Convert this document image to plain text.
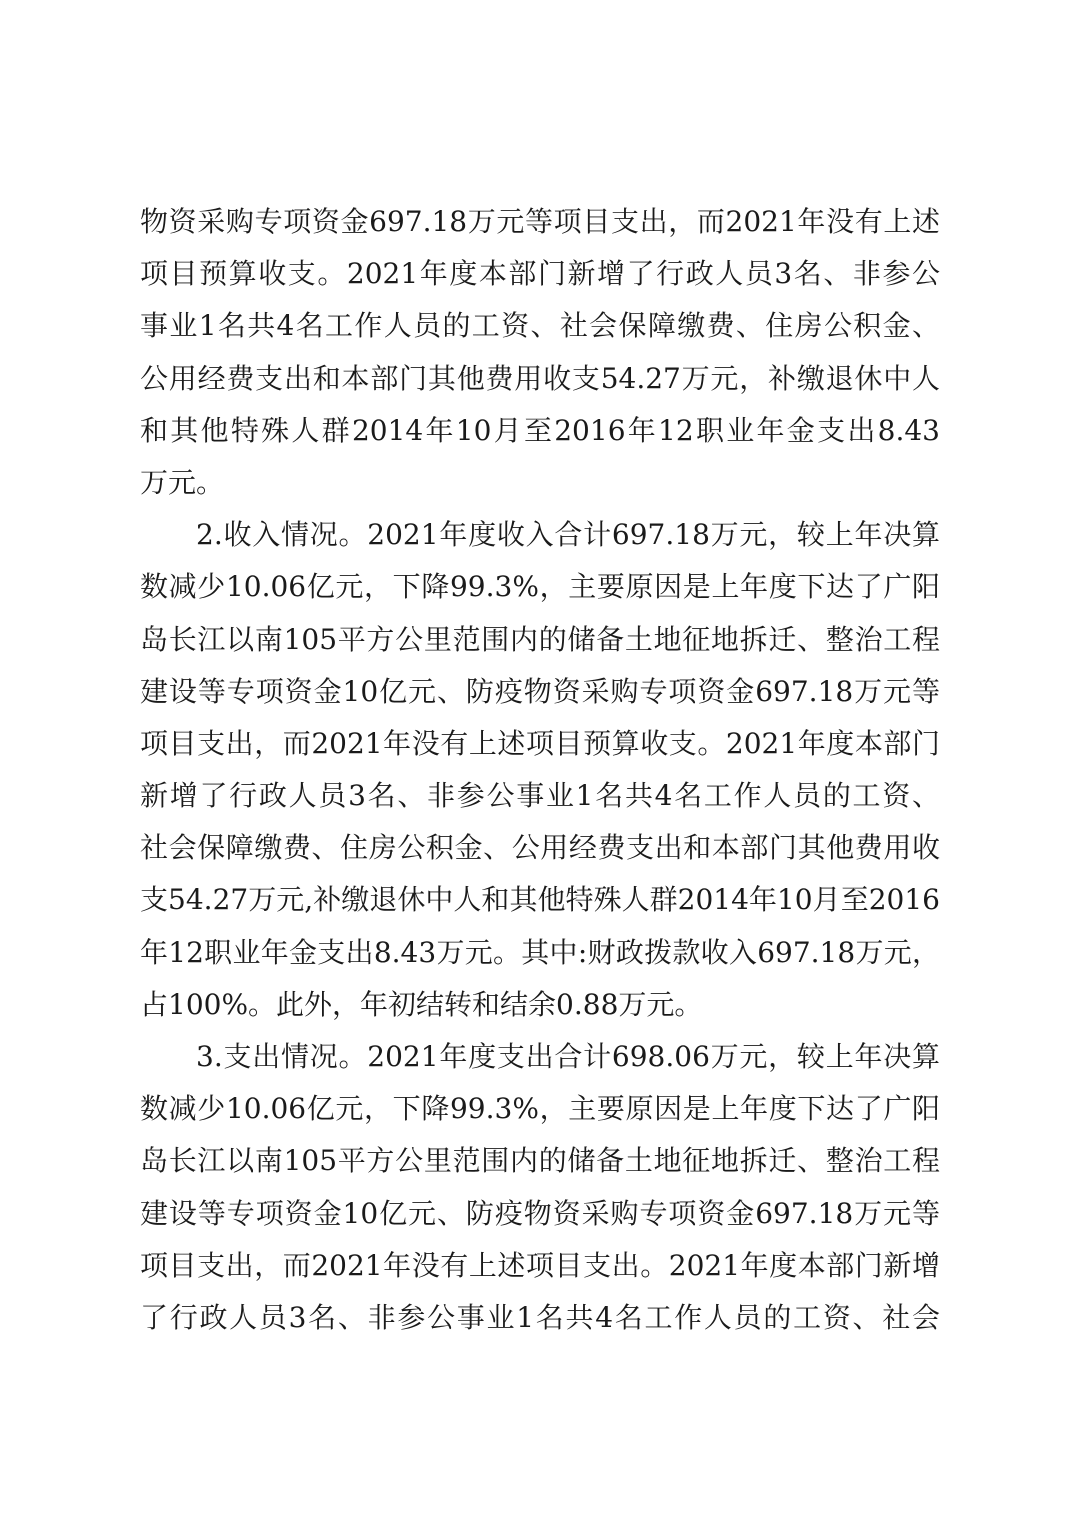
物资采购专项资金697.18万元等项目支出，而2021年没有上述
项目预算收支。2021年度本部门新增了行政人员3名、非参公
事业1名共4名工作人员的工资、社会保障缴费、住房公积金、
公用经费支出和本部门其他费用收支54.27万元，补缴退休中人
和其他特殊人群2014年10月至2016年12职业年金支出8.43
万元。
2.收入情况。2021年度收入合计697.18万元，较上年决算
数减少10.06亿元，下降99.3%，主要原因是上年度下达了广阳
岛长江以南105平方公里范围内的储备土地征地拆迁、整治工程
建设等专项资金10亿元、防疫物资采购专项资金697.18万元等
项目支出，而2021年没有上述项目预算收支。2021年度本部门
新增了行政人员3名、非参公事业1名共4名工作人员的工资、
社会保障缴费、住房公积金、公用经费支出和本部门其他费用收
支54.27万元,补缴退休中人和其他特殊人群2014年10月至2016
年12职业年金支出8.43万元。其中:财政拨款收入697.18万元，
占100%。此外，年初结转和结余0.88万元。
3.支出情况。2021年度支出合计698.06万元，较上年决算
数减少10.06亿元，下降99.3%，主要原因是上年度下达了广阳
岛长江以南105平方公里范围内的储备土地征地拆迁、整治工程
建设等专项资金10亿元、防疫物资采购专项资金697.18万元等
项目支出，而2021年没有上述项目支出。2021年度本部门新增
了行政人员3名、非参公事业1名共4名工作人员的工资、社会
